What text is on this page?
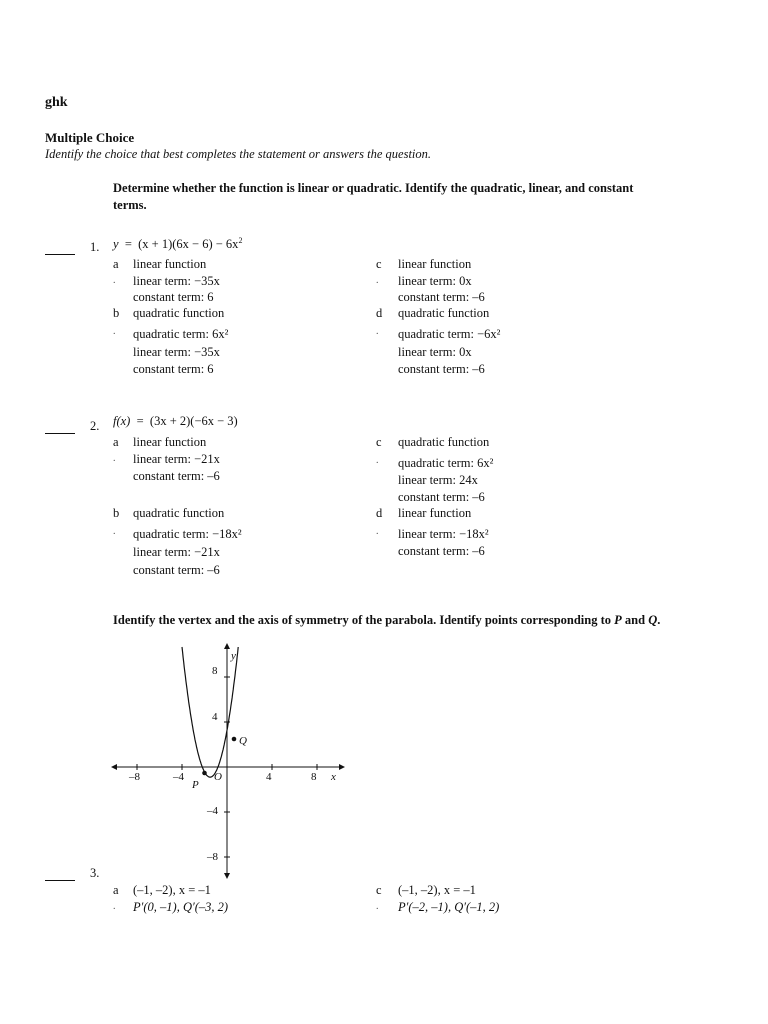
ghk
Multiple Choice
Identify the choice that best completes the statement or answers the question.
Determine whether the function is linear or quadratic. Identify the quadratic, linear, and constant
terms.
1. $y = (x + 1)(6x - 6) - 6x^2$
a
.
linear function
linear term: −35x
constant term: 6
b
.
quadratic function
quadratic term: 6x²
linear term: −35x
constant term: 6
c
.
linear function
linear term: 0x
constant term: –6
d
.
quadratic function
quadratic term: −6x²
linear term: 0x
constant term: –6
2. f(x) = (3x + 2)(−6x − 3)
a
.
linear function
linear term: −21x
constant term: –6
b
.
quadratic function
quadratic term: −18x²
linear term: −21x
constant term: –6
c
.
quadratic function
quadratic term: 6x²
linear term: 24x
constant term: –6
d
.
linear function
linear term: −18x²
constant term: –6
Identify the vertex and the axis of symmetry of the parabola. Identify points corresponding to P and Q.
–8	–4	4	8
8
4
–4
–8
y
x
O
P
Q
3.
a
.
(–1, –2), x = –1
P′(0, –1), Q′(–3, 2)
c
.
(–1, –2), x = –1
P′(–2, –1), Q′(–1, 2)
